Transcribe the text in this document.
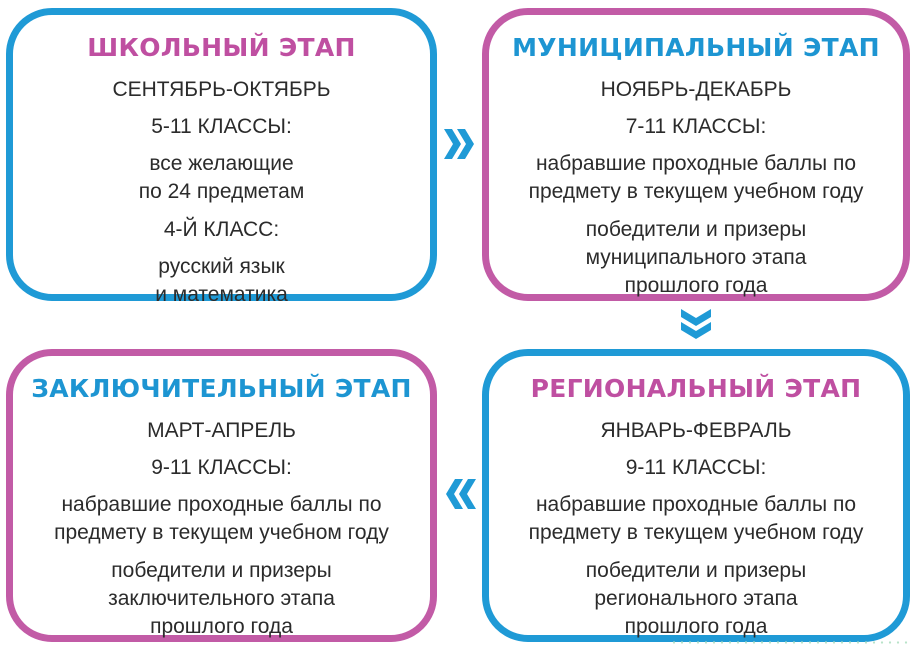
ШКОЛЬНЫЙ ЭТАП
СЕНТЯБРЬ-ОКТЯБРЬ
5-11 КЛАССЫ:
все желающие
по 24 предметам
4-Й КЛАСС:
русский язык
и математика
МУНИЦИПАЛЬНЫЙ ЭТАП
НОЯБРЬ-ДЕКАБРЬ
7-11 КЛАССЫ:
набравшие проходные баллы по
предмету в текущем учебном году
победители и призеры
муниципального этапа
прошлого года
ЗАКЛЮЧИТЕЛЬНЫЙ ЭТАП
МАРТ-АПРЕЛЬ
9-11 КЛАССЫ:
набравшие проходные баллы по
предмету в текущем учебном году
победители и призеры
заключительного этапа
прошлого года
РЕГИОНАЛЬНЫЙ ЭТАП
ЯНВАРЬ-ФЕВРАЛЬ
9-11 КЛАССЫ:
набравшие проходные баллы по
предмету в текущем учебном году
победители и призеры
регионального этапа
прошлого года
